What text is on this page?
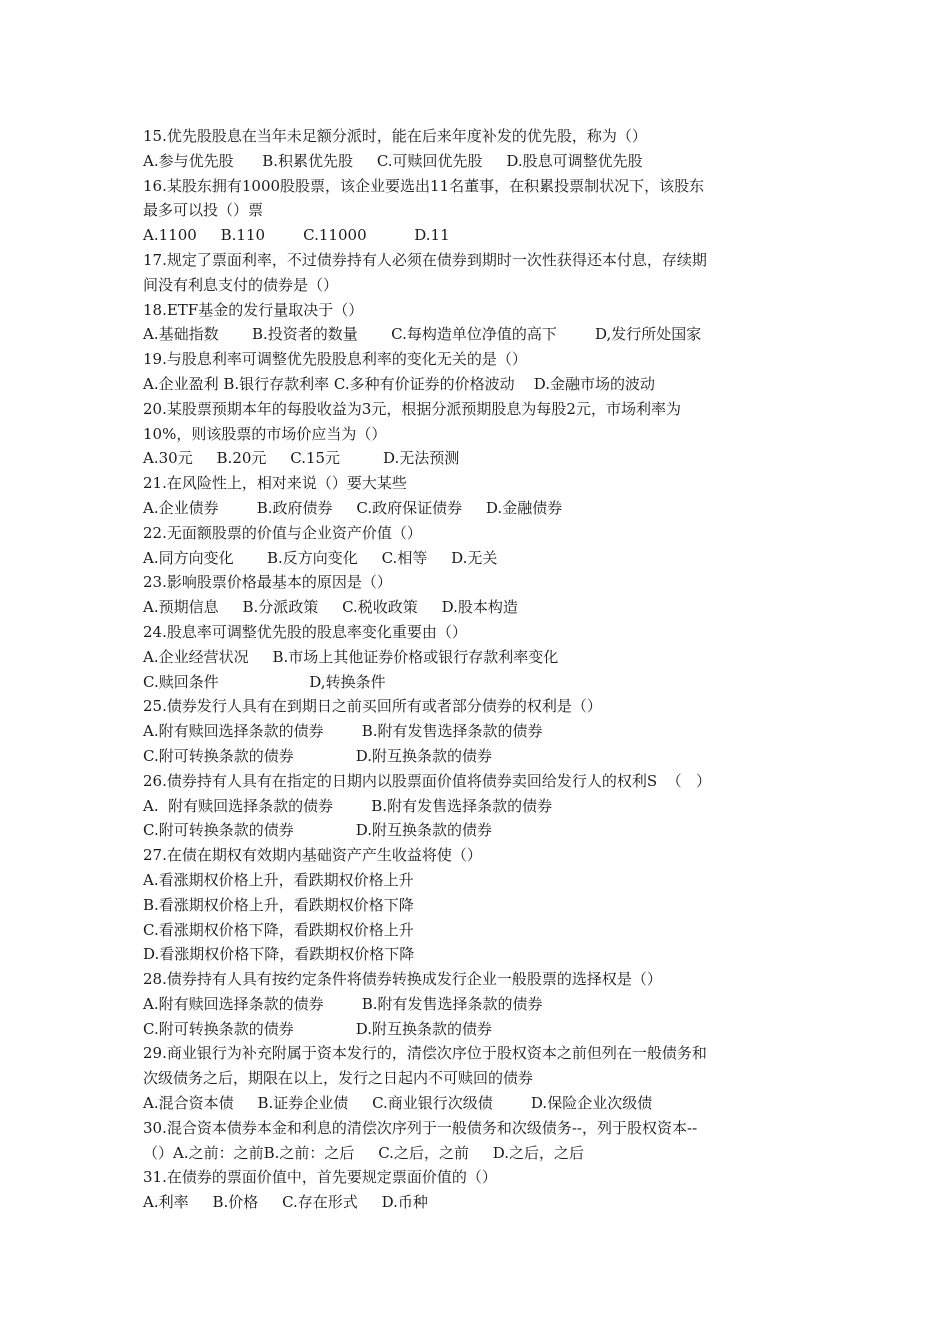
15.优先股股息在当年未足额分派时，能在后来年度补发的优先股，称为（）
A.参与优先股      B.积累优先股     C.可赎回优先股     D.股息可调整优先股
16.某股东拥有1000股股票，该企业要选出11名董事，在积累投票制状况下，该股东
最多可以投（）票
A.1100     B.110        C.11000          D.11
17.规定了票面利率，不过债券持有人必须在债券到期时一次性获得还本付息，存续期
间没有利息支付的债券是（）
18.ETF基金的发行量取决于（）
A.基础指数       B.投资者的数量       C.每构造单位净值的高下        D,发行所处国家
19.与股息利率可调整优先股股息利率的变化无关的是（）
A.企业盈利 B.银行存款利率 C.多种有价证券的价格波动    D.金融市场的波动
20.某股票预期本年的每股收益为3元，根据分派预期股息为每股2元，市场利率为
10%，则该股票的市场价应当为（）
A.30元     B.20元     C.15元         D.无法预测
21.在风险性上，相对来说（）要大某些
A.企业债券        B.政府债券     C.政府保证债券     D.金融债券
22.无面额股票的价值与企业资产价值（）
A.同方向变化       B.反方向变化     C.相等     D.无关
23.影响股票价格最基本的原因是（）
A.预期信息     B.分派政策     C.税收政策     D.股本构造
24.股息率可调整优先股的股息率变化重要由（）
A.企业经营状况     B.市场上其他证券价格或银行存款利率变化
C.赎回条件                   D,转换条件
25.债券发行人具有在到期日之前买回所有或者部分债券的权利是（）
A.附有赎回选择条款的债券        B.附有发售选择条款的债券
C.附可转换条款的债券             D.附互换条款的债券
26.债券持有人具有在指定的日期内以股票面价值将债券卖回给发行人的权利S  （   ）
A.  附有赎回选择条款的债券        B.附有发售选择条款的债券
C.附可转换条款的债券             D.附互换条款的债券
27.在债在期权有效期内基础资产产生收益将使（）
A.看涨期权价格上升，看跌期权价格上升
B.看涨期权价格上升，看跌期权价格下降
C.看涨期权价格下降，看跌期权价格上升
D.看涨期权价格下降，看跌期权价格下降
28.债券持有人具有按约定条件将债券转换成发行企业一般股票的选择权是（）
A.附有赎回选择条款的债券        B.附有发售选择条款的债券
C.附可转换条款的债券             D.附互换条款的债券
29.商业银行为补充附属于资本发行的，清偿次序位于股权资本之前但列在一般债务和
次级债务之后，期限在以上，发行之日起内不可赎回的债券
A.混合资本债     B.证券企业债     C.商业银行次级债        D.保险企业次级债
30.混合资本债券本金和利息的清偿次序列于一般债务和次级债务--，列于股权资本--
（）A.之前：之前B.之前：之后     C.之后，之前     D.之后，之后
31.在债券的票面价值中，首先要规定票面价值的（）
A.利率     B.价格     C.存在形式     D.币种
